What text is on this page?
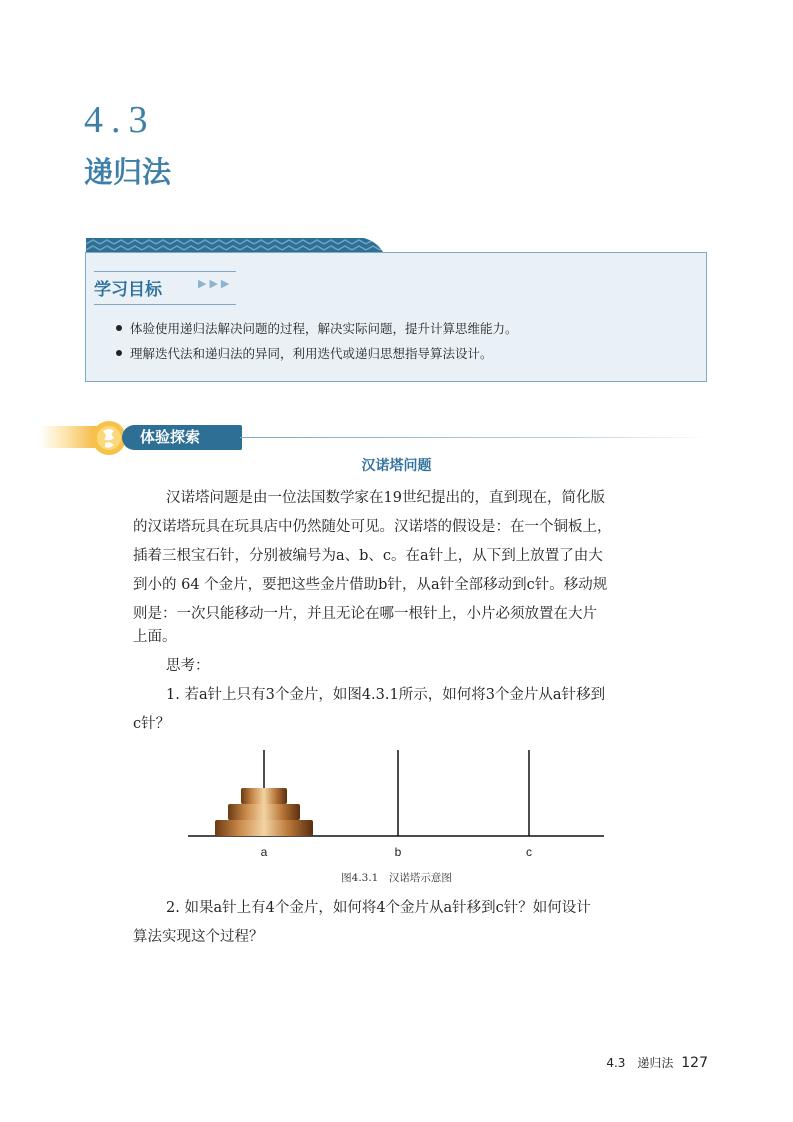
4.3
递归法
学习目标	▶▶▶
体验使用递归法解决问题的过程，解决实际问题，提升计算思维能力。
理解迭代法和递归法的异同，利用迭代或递归思想指导算法设计。
体验探索
汉诺塔问题
汉诺塔问题是由一位法国数学家在19世纪提出的，直到现在，简化版
的汉诺塔玩具在玩具店中仍然随处可见。汉诺塔的假设是：在一个铜板上，
插着三根宝石针，分别被编号为a、b、c。在a针上，从下到上放置了由大
到小的 64 个金片，要把这些金片借助b针，从a针全部移动到c针。移动规
则是：一次只能移动一片，并且无论在哪一根针上，小片必须放置在大片
上面。
思考：
1. 若a针上只有3个金片，如图4.3.1所示，如何将3个金片从a针移到
c针？
a	b	c
图4.3.1　汉诺塔示意图
2. 如果a针上有4个金片，如何将4个金片从a针移到c针？如何设计
算法实现这个过程？
4.3　递归法 127
